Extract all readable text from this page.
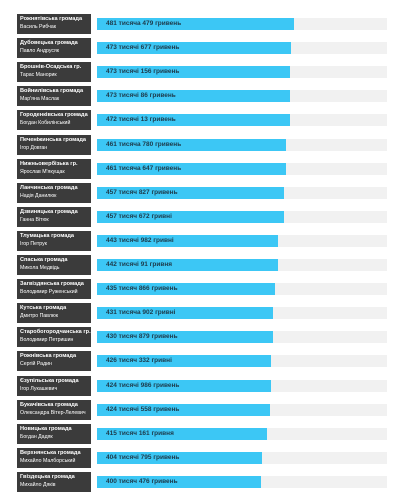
Рожнятівська громада
Василь Рибчак	481 тисяча 479 гривень
Дубовецька громада
Павло Андрусяк	473 тисячі 677 гривень
Брошнів-Осадська гр.
Тарас Манорик	473 тисячі 156 гривень
Войнилівська громада
Мар'яна Маслак	473 тисячі 86 гривень
Городенківська громада
Богдан Кобилінський	472 тисячі 13 гривень
Печеніжинська громада
Ігор Довган	461 тисяча 780 гривень
Нижньовербізька гр.
Ярослав М'якущак	461 тисяча 647 гривень
Ланчинська громада
Надія Данилюк	457 тисяч 827 гривень
Дзвиняцька громада
Ганна Вітюк	457 тисяч 672 гривні
Тлумацька громада
Ігор Петрук	443 тисячі 982 гривні
Спаська громада
Микола Медвідь	442 тисячі 91 гривня
Загвіздянська громада
Володимир Руженський	435 тисяч 866 гривень
Кутська громада
Дмитро Павлюк	431 тисяча 902 гривні
Старобогородчанська гр.
Володимир Петришин	430 тисяч 879 гривень
Рожнівська громада
Сергій Радин	426 тисяч 332 гривні
Єзупільська громада
Ігор Лукашевич	424 тисячі 986 гривень
Букачівська громада
Олександра Вітер-Лелевич	424 тисячі 558 гривень
Новицька громада
Богдан Дадяк	415 тисяч 161 гривня
Верхнянська громада
Михайло Малборський	404 тисячі 795 гривень
Гвіздецька громада
Михайло Дяків	400 тисяч 476 гривень
